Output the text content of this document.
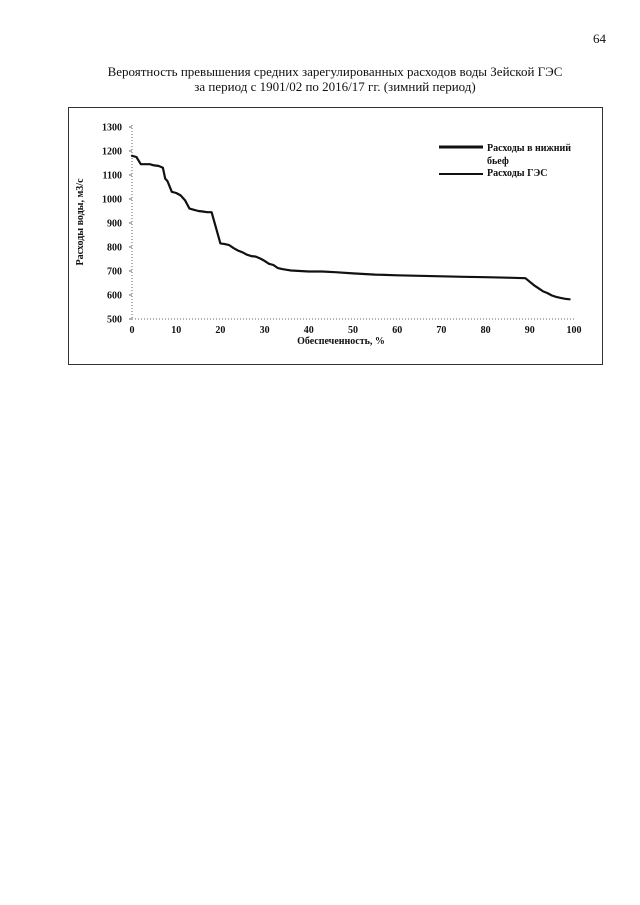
64
Вероятность превышения средних зарегулированных расходов воды Зейской ГЭС
за период с 1901/02 по 2016/17 гг. (зимний период)
500
600
700
800
900
1000
1100
1200
1300
0	10	20	30	40	50	60	70	80	90	100
Обеспеченность, %
Расходы воды, м3/с
Расходы в нижний
бьеф
Расходы ГЭС
